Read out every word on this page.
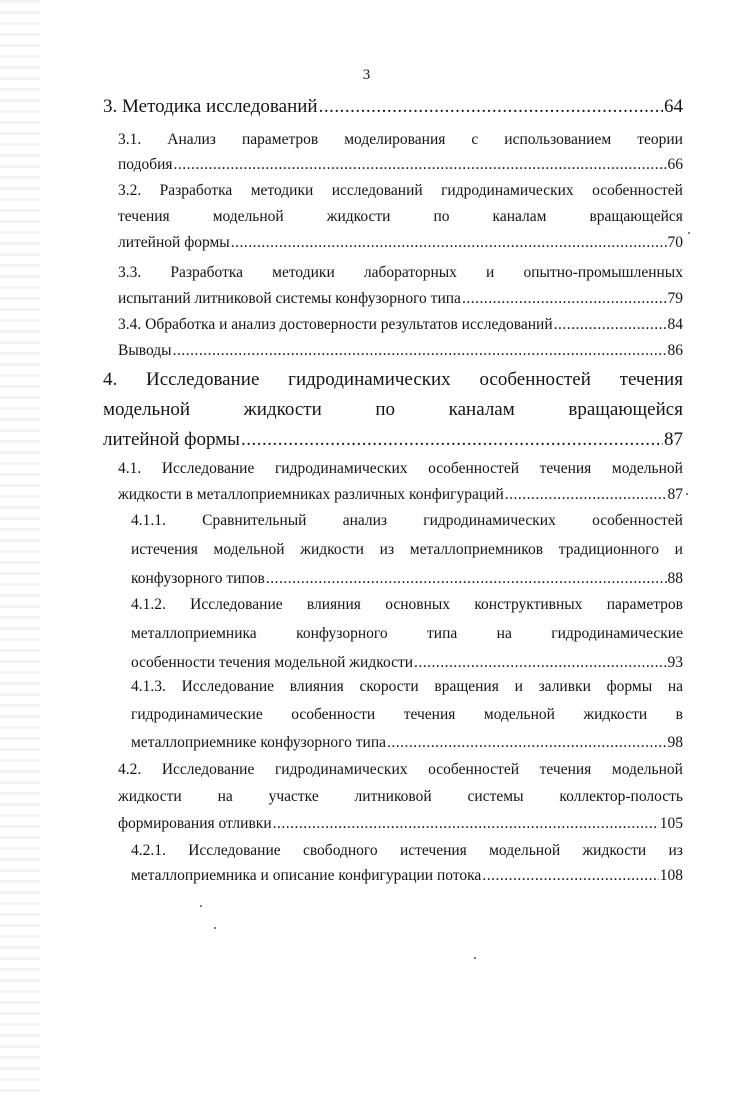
3
3. Методика исследований .....	64
3.1. Анализ параметров моделирования с использованием теории
подобия .....	66
3.2. Разработка методики исследований гидродинамических особенностей
течения	модельной	жидкости	по	каналам	вращающейся
литейной формы .....	70
3.3. Разработка методики лабораторных и опытно-промышленных
испытаний литниковой системы конфузорного типа .....	79
3.4. Обработка и анализ достоверности результатов исследований .....	84
Выводы .....	86
4. Исследование гидродинамических особенностей течения
модельной	жидкости	по	каналам	вращающейся
литейной формы .....	87
4.1. Исследование гидродинамических особенностей течения модельной
жидкости в металлоприемниках различных конфигураций .....	87
4.1.1. Сравнительный анализ гидродинамических особенностей
истечения модельной жидкости из металлоприемников традиционного и
конфузорного типов .....	88
4.1.2. Исследование влияния основных конструктивных параметров
металлоприемника	конфузорного	типа	на	гидродинамические
особенности течения модельной жидкости .....	93
4.1.3. Исследование влияния скорости вращения и заливки формы на
гидродинамические особенности течения модельной жидкости в
металлоприемнике конфузорного типа .....	98
4.2. Исследование гидродинамических особенностей течения модельной
жидкости на участке литниковой системы коллектор-полость
формирования отливки .....	105
4.2.1. Исследование свободного истечения модельной жидкости из
металлоприемника и описание конфигурации потока .....	108
